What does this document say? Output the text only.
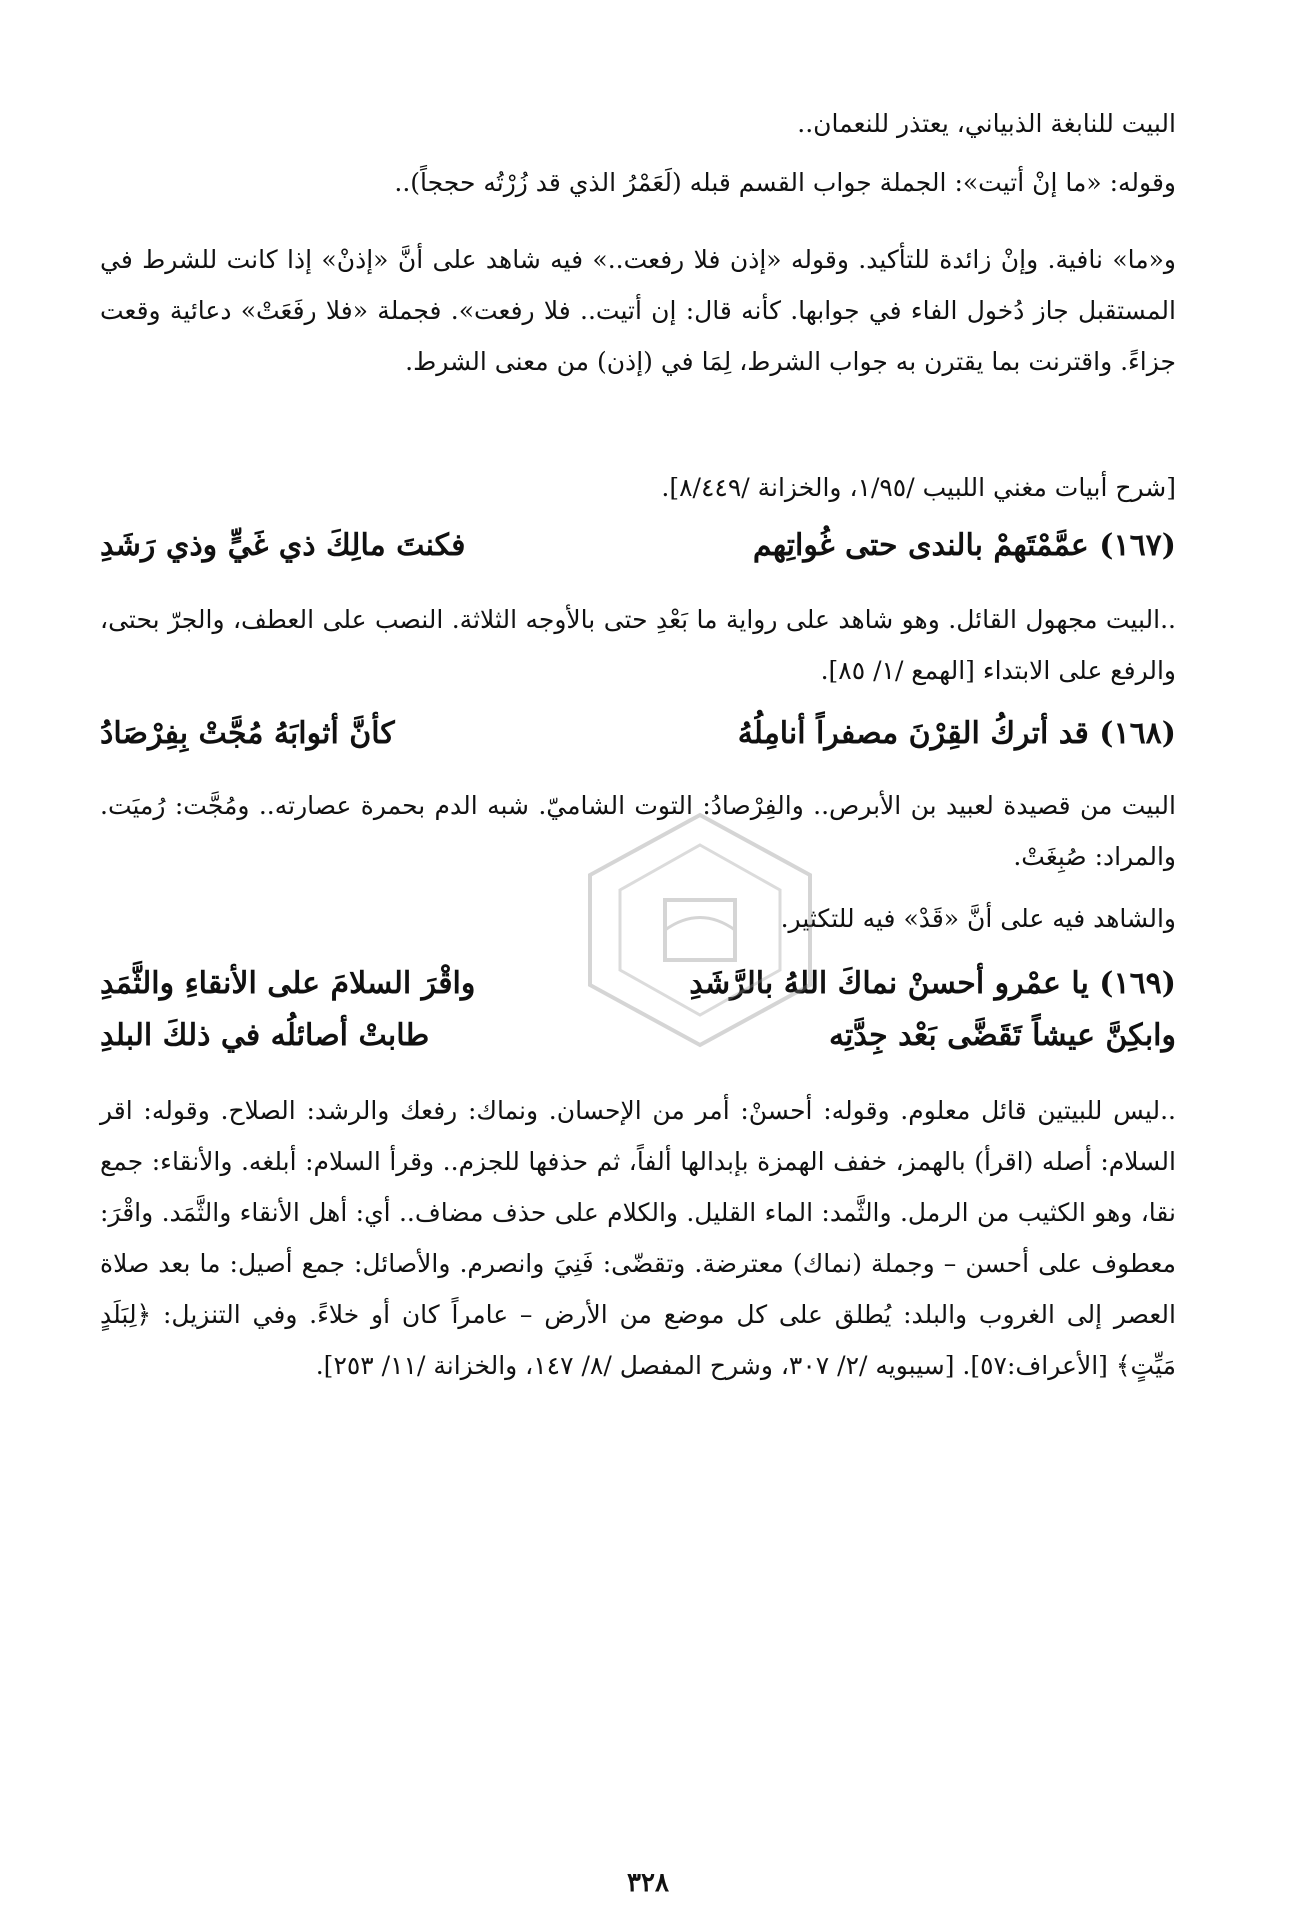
البيت للنابغة الذبياني، يعتذر للنعمان..

وقوله: «ما إنْ أتيت»: الجملة جواب القسم قبله (لَعَمْرُ الذي قد زُرْتُه حججاً)..

و«ما» نافية. وإنْ زائدة للتأكيد. وقوله «إذن فلا رفعت..» فيه شاهد على أنَّ «إذنْ» إذا كانت للشرط في المستقبل جاز دُخول الفاء في جوابها. كأنه قال: إن أتيت.. فلا رفعت». فجملة «فلا رفَعَتْ» دعائية وقعت جزاءً. واقترنت بما يقترن به جواب الشرط، لِمَا في (إذن) من معنى الشرط.

[شرح أبيات مغني اللبيب /١/٩٥، والخزانة /٨/٤٤٩].

(١٦٧) عمَّمْتَهمْ بالندى حتى غُواتِهم
فكنتَ مالِكَ ذي غَيٍّ وذي رَشَدِ

..البيت مجهول القائل. وهو شاهد على رواية ما بَعْدِ حتى بالأوجه الثلاثة. النصب على العطف، والجرّ بحتى، والرفع على الابتداء [الهمع /١/ ٨٥].

(١٦٨) قد أتركُ القِرْنَ مصفراً أنامِلُهُ
كأنَّ أثوابَهُ مُجَّتْ بِفِرْصَادُ

البيت من قصيدة لعبيد بن الأبرص.. والفِرْصادُ: التوت الشاميّ. شبه الدم بحمرة عصارته.. ومُجَّت: رُميَت. والمراد: صُبِغَتْ.

والشاهد فيه على أنَّ «قَدْ» فيه للتكثير.

(١٦٩) يا عمْرو أحسنْ نماكَ اللهُ بالرَّشَدِ
واقْرَ السلامَ على الأنقاءِ والثَّمَدِ
وابكِنَّ عيشاً تَقَضَّى بَعْد جِدَّتِه
طابتْ أصائلُه في ذلكَ البلدِ

..ليس للبيتين قائل معلوم. وقوله: أحسنْ: أمر من الإحسان. ونماك: رفعك والرشد: الصلاح. وقوله: اقر السلام: أصله (اقرأ) بالهمز، خفف الهمزة بإبدالها ألفاً، ثم حذفها للجزم.. وقرأ السلام: أبلغه. والأنقاء: جمع نقا، وهو الكثيب من الرمل. والثَّمد: الماء القليل. والكلام على حذف مضاف.. أي: أهل الأنقاء والثَّمَد. واقْرَ: معطوف على أحسن – وجملة (نماك) معترضة. وتقضّى: فَنِيَ وانصرم. والأصائل: جمع أصيل: ما بعد صلاة العصر إلى الغروب والبلد: يُطلق على كل موضع من الأرض – عامراً كان أو خلاءً. وفي التنزيل: ﴿لِبَلَدٍ مَيِّتٍ﴾ [الأعراف:٥٧]. [سيبويه /٢/ ٣٠٧، وشرح المفصل /٨/ ١٤٧، والخزانة /١١/ ٢٥٣].

٣٢٨
